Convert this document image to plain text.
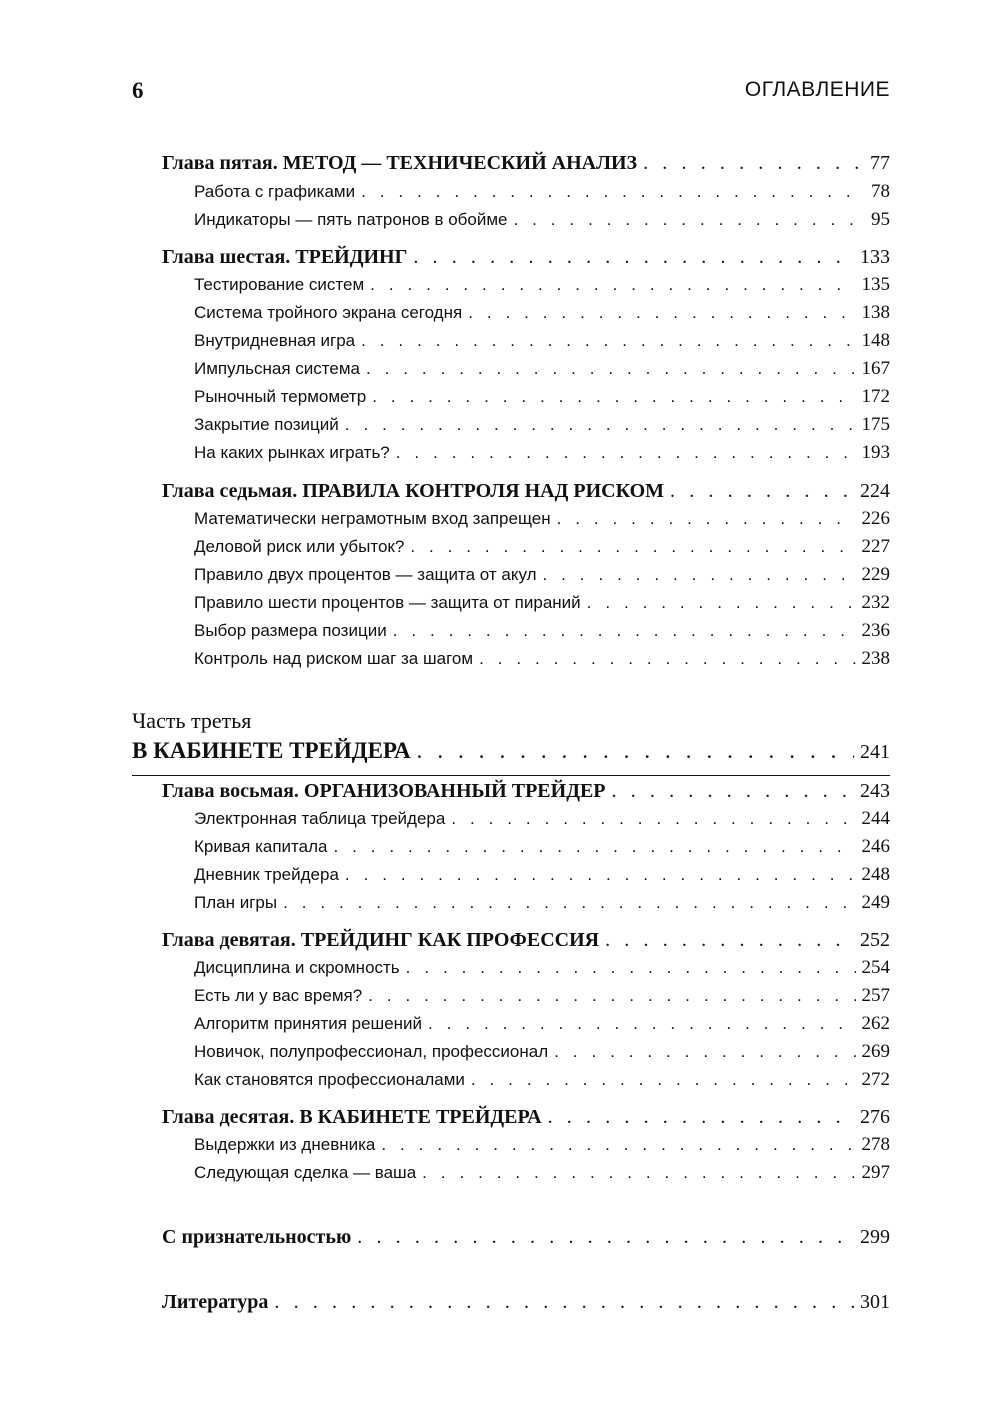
6	ОГЛАВЛЕНИЕ
Глава пятая. МЕТОД — ТЕХНИЧЕСКИЙ АНАЛИЗ . . .	77
Работа с графиками . . .	78
Индикаторы — пять патронов в обойме . . .	95
Глава шестая. ТРЕЙДИНГ . . .	133
Тестирование систем . . .	135
Система тройного экрана сегодня . . .	138
Внутридневная игра . . .	148
Импульсная система . . .	167
Рыночный термометр . . .	172
Закрытие позиций . . .	175
На каких рынках играть? . . .	193
Глава седьмая. ПРАВИЛА КОНТРОЛЯ НАД РИСКОМ . . .	224
Математически неграмотным вход запрещен . . .	226
Деловой риск или убыток? . . .	227
Правило двух процентов — защита от акул . . .	229
Правило шести процентов — защита от пираний . . .	232
Выбор размера позиции . . .	236
Контроль над риском шаг за шагом . . .	238
Часть третья
В КАБИНЕТЕ ТРЕЙДЕРА . . .	241
Глава восьмая. ОРГАНИЗОВАННЫЙ ТРЕЙДЕР . . .	243
Электронная таблица трейдера . . .	244
Кривая капитала . . .	246
Дневник трейдера . . .	248
План игры . . .	249
Глава девятая. ТРЕЙДИНГ КАК ПРОФЕССИЯ . . .	252
Дисциплина и скромность . . .	254
Есть ли у вас время? . . .	257
Алгоритм принятия решений . . .	262
Новичок, полупрофессионал, профессионал . . .	269
Как становятся профессионалами . . .	272
Глава десятая. В КАБИНЕТЕ ТРЕЙДЕРА . . .	276
Выдержки из дневника . . .	278
Следующая сделка — ваша . . .	297
С признательностью . . .	299
Литература . . .	301
